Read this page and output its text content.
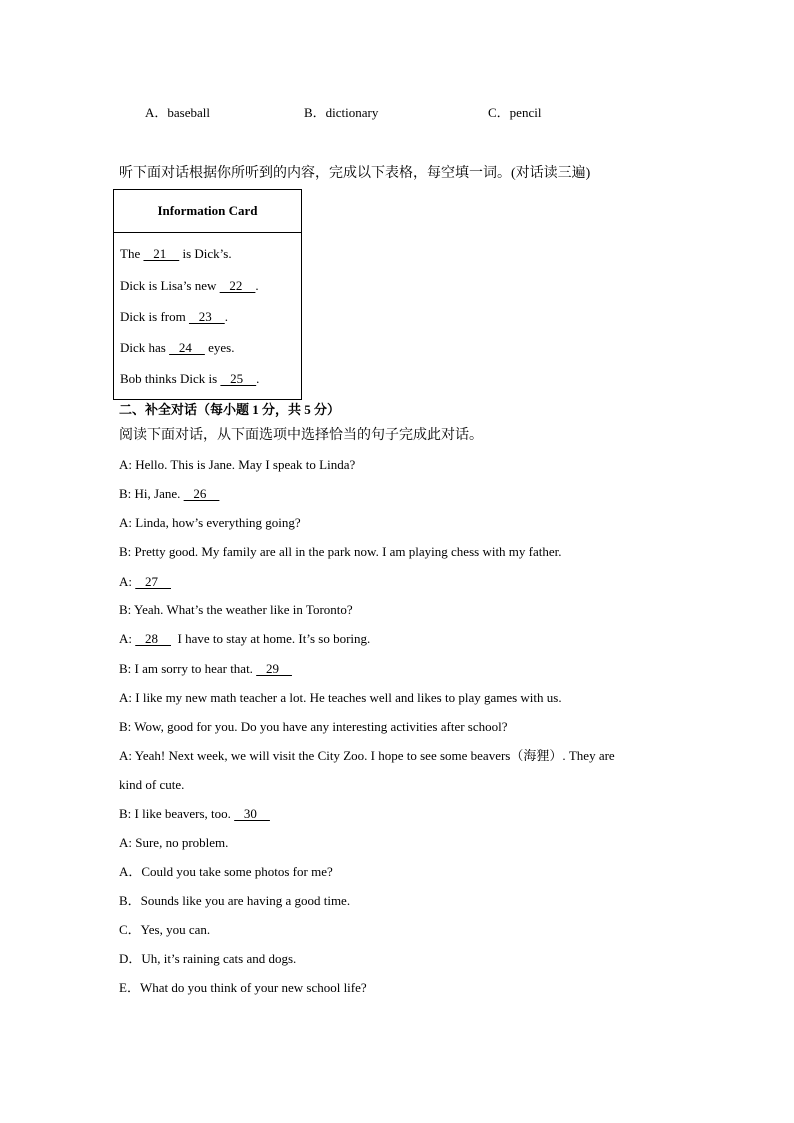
A．baseball	B．dictionary	C．pencil
听下面对话根据你所听到的内容，完成以下表格，每空填一词。(对话读三遍)
Information Card
The    21     is Dick’s.
Dick is Lisa’s new    22    .
Dick is from    23    .
Dick has    24     eyes.
Bob thinks Dick is    25    .
二、补全对话（每小题 1 分，共 5 分）
阅读下面对话，从下面选项中选择恰当的句子完成此对话。
A: Hello. This is Jane. May I speak to Linda?
B: Hi, Jane.    26
A: Linda, how’s everything going?
B: Pretty good. My family are all in the park now. I am playing chess with my father.
A:    27
B: Yeah. What’s the weather like in Toronto?
A:    28      I have to stay at home. It’s so boring.
B: I am sorry to hear that.    29
A: I like my new math teacher a lot. He teaches well and likes to play games with us.
B: Wow, good for you. Do you have any interesting activities after school?
A: Yeah! Next week, we will visit the City Zoo. I hope to see some beavers（海狸）. They are
kind of cute.
B: I like beavers, too.    30
A: Sure, no problem.
A．Could you take some photos for me?
B．Sounds like you are having a good time.
C．Yes, you can.
D．Uh, it’s raining cats and dogs.
E．What do you think of your new school life?
